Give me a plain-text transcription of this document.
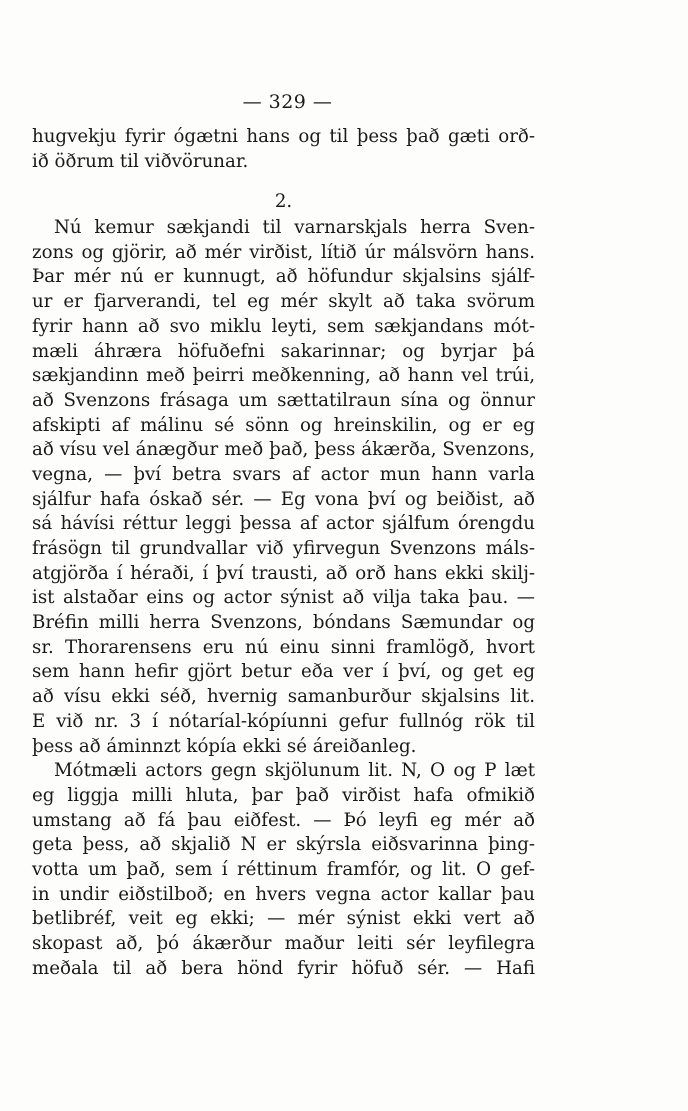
— 329 —
hugvekju fyrir ógætni hans og til þess það gæti orð-
ið öðrum til viðvörunar.
2.
Nú kemur sækjandi til varnarskjals herra Sven-
zons og gjörir, að mér virðist, lítið úr málsvörn hans.
Þar mér nú er kunnugt, að höfundur skjalsins sjálf-
ur er fjarverandi, tel eg mér skylt að taka svörum
fyrir hann að svo miklu leyti, sem sækjandans mót-
mæli áhræra höfuðefni sakarinnar; og byrjar þá
sækjandinn með þeirri meðkenning, að hann vel trúi,
að Svenzons frásaga um sættatilraun sína og önnur
afskipti af málinu sé sönn og hreinskilin, og er eg
að vísu vel ánægður með það, þess ákærða, Svenzons,
vegna, — því betra svars af actor mun hann varla
sjálfur hafa óskað sér. — Eg vona því og beiðist, að
sá hávísi réttur leggi þessa af actor sjálfum órengdu
frásögn til grundvallar við yfirvegun Svenzons máls-
atgjörða í héraði, í því trausti, að orð hans ekki skilj-
ist alstaðar eins og actor sýnist að vilja taka þau. —
Bréfin milli herra Svenzons, bóndans Sæmundar og
sr. Thorarensens eru nú einu sinni framlögð, hvort
sem hann hefir gjört betur eða ver í því, og get eg
að vísu ekki séð, hvernig samanburður skjalsins lit.
E við nr. 3 í nótaríal-kópíunni gefur fullnóg rök til
þess að áminnzt kópía ekki sé áreiðanleg.
Mótmæli actors gegn skjölunum lit. N, O og P læt
eg liggja milli hluta, þar það virðist hafa ofmikið
umstang að fá þau eiðfest. — Þó leyfi eg mér að
geta þess, að skjalið N er skýrsla eiðsvarinna þing-
votta um það, sem í réttinum framfór, og lit. O gef-
in undir eiðstilboð; en hvers vegna actor kallar þau
betlibréf, veit eg ekki; — mér sýnist ekki vert að
skopast að, þó ákærður maður leiti sér leyfilegra
meðala til að bera hönd fyrir höfuð sér. — Hafi
